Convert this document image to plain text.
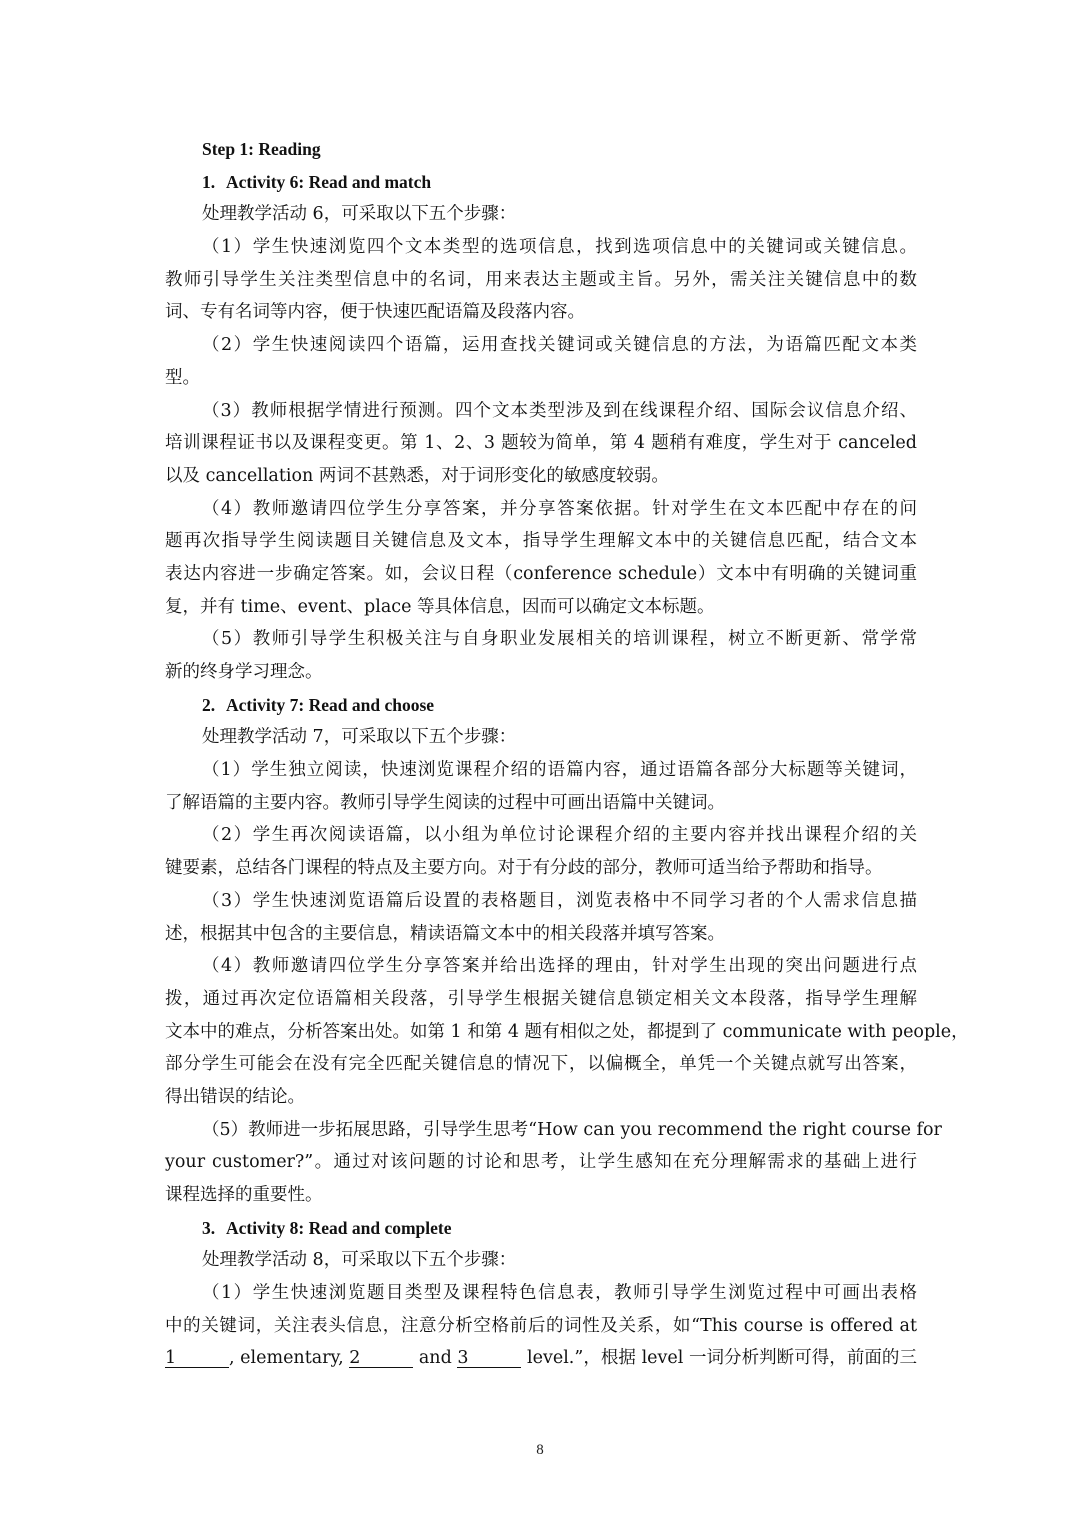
Step 1: Reading
1. Activity 6: Read and match
处理教学活动 6，可采取以下五个步骤：
（1）学生快速浏览四个文本类型的选项信息，找到选项信息中的关键词或关键信息。
教师引导学生关注类型信息中的名词，用来表达主题或主旨。另外，需关注关键信息中的数
词、专有名词等内容，便于快速匹配语篇及段落内容。
（2）学生快速阅读四个语篇，运用查找关键词或关键信息的方法，为语篇匹配文本类
型。
（3）教师根据学情进行预测。四个文本类型涉及到在线课程介绍、国际会议信息介绍、
培训课程证书以及课程变更。第 1、2、3 题较为简单，第 4 题稍有难度，学生对于 canceled
以及 cancellation 两词不甚熟悉，对于词形变化的敏感度较弱。
（4）教师邀请四位学生分享答案，并分享答案依据。针对学生在文本匹配中存在的问
题再次指导学生阅读题目关键信息及文本，指导学生理解文本中的关键信息匹配，结合文本
表达内容进一步确定答案。如，会议日程（conference schedule）文本中有明确的关键词重
复，并有 time、event、place 等具体信息，因而可以确定文本标题。
（5）教师引导学生积极关注与自身职业发展相关的培训课程，树立不断更新、常学常
新的终身学习理念。
2. Activity 7: Read and choose
处理教学活动 7，可采取以下五个步骤：
（1）学生独立阅读，快速浏览课程介绍的语篇内容，通过语篇各部分大标题等关键词，
了解语篇的主要内容。教师引导学生阅读的过程中可画出语篇中关键词。
（2）学生再次阅读语篇，以小组为单位讨论课程介绍的主要内容并找出课程介绍的关
键要素，总结各门课程的特点及主要方向。对于有分歧的部分，教师可适当给予帮助和指导。
（3）学生快速浏览语篇后设置的表格题目，浏览表格中不同学习者的个人需求信息描
述，根据其中包含的主要信息，精读语篇文本中的相关段落并填写答案。
（4）教师邀请四位学生分享答案并给出选择的理由，针对学生出现的突出问题进行点
拨，通过再次定位语篇相关段落，引导学生根据关键信息锁定相关文本段落，指导学生理解
文本中的难点，分析答案出处。如第 1 和第 4 题有相似之处，都提到了 communicate with people，
部分学生可能会在没有完全匹配关键信息的情况下，以偏概全，单凭一个关键点就写出答案，
得出错误的结论。
（5）教师进一步拓展思路，引导学生思考“How can you recommend the right course for
your customer?”。通过对该问题的讨论和思考，让学生感知在充分理解需求的基础上进行
课程选择的重要性。
3. Activity 8: Read and complete
处理教学活动 8，可采取以下五个步骤：
（1）学生快速浏览题目类型及课程特色信息表，教师引导学生浏览过程中可画出表格
中的关键词，关注表头信息，注意分析空格前后的词性及关系，如“This course is offered at
1	, elementary, 2	and 3	level.”，根据 level 一词分析判断可得，前面的三
8
